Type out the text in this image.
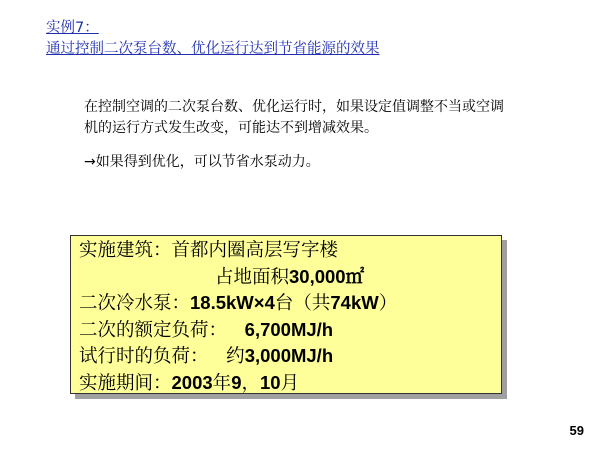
实例7：
通过控制二次泵台数、优化运行达到节省能源的效果

在控制空调的二次泵台数、优化运行时，如果设定值调整不当或空调机的运行方式发生改变，可能达不到增减效果。

→如果得到优化，可以节省水泵动力。

实施建筑：首都内圈高层写字楼
占地面积30,000㎡
二次冷水泵：18.5kW×4台（共74kW）
二次的额定负荷： 6,700MJ/h
试行时的负荷： 约3,000MJ/h
实施期间：2003年9，10月
59
